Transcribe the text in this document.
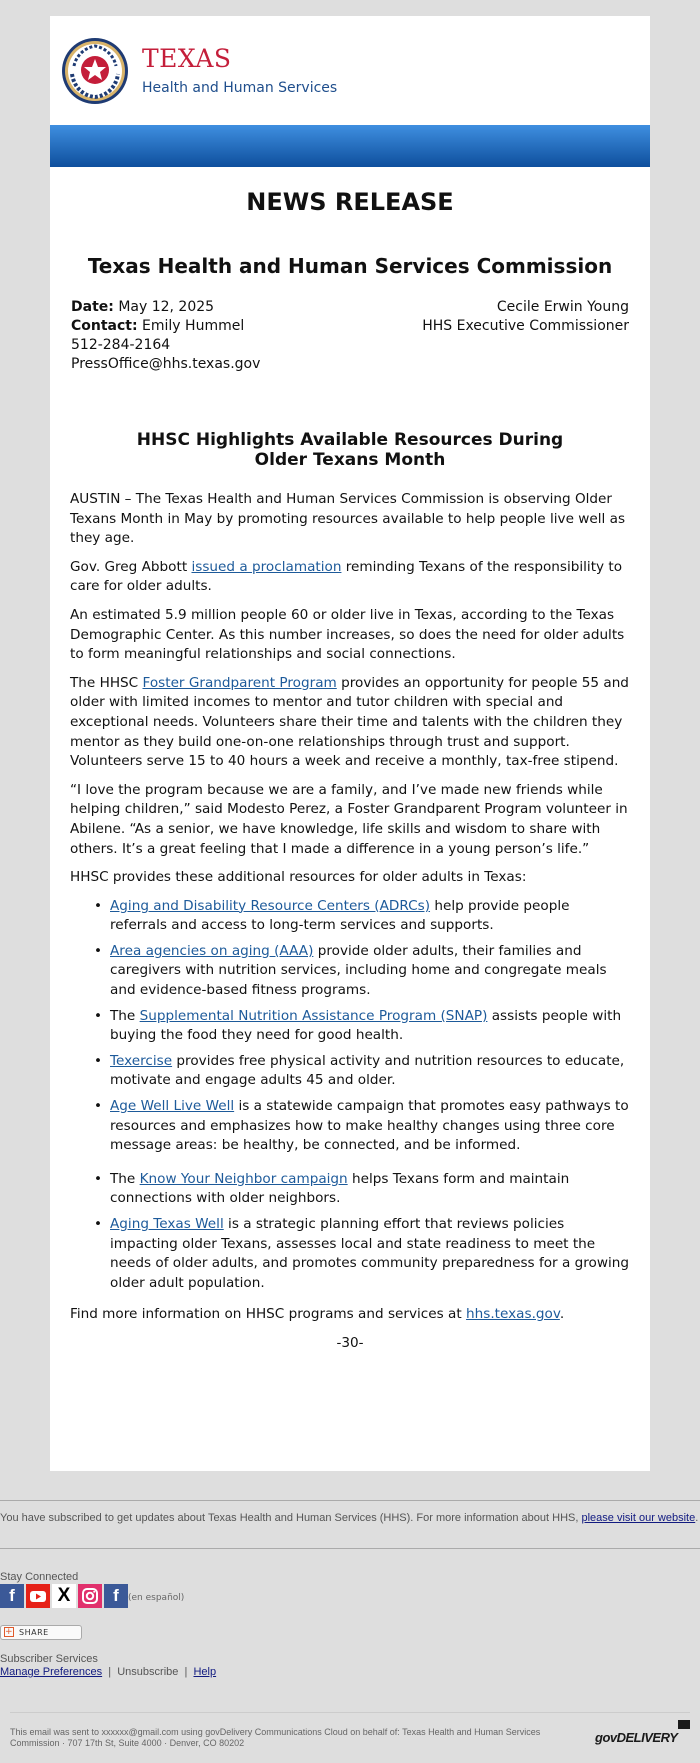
TEXAS
Health and Human Services
NEWS RELEASE
Texas Health and Human Services Commission
Date: May 12, 2025
Contact: Emily Hummel
512-284-2164
PressOffice@hhs.texas.gov
Cecile Erwin Young
HHS Executive Commissioner
HHSC Highlights Available Resources During Older Texans Month

AUSTIN – The Texas Health and Human Services Commission is observing Older Texans Month in May by promoting resources available to help people live well as they age.

Gov. Greg Abbott issued a proclamation reminding Texans of the responsibility to care for older adults.

An estimated 5.9 million people 60 or older live in Texas, according to the Texas Demographic Center. As this number increases, so does the need for older adults to form meaningful relationships and social connections.

The HHSC Foster Grandparent Program provides an opportunity for people 55 and older with limited incomes to mentor and tutor children with special and exceptional needs. Volunteers share their time and talents with the children they mentor as they build one-on-one relationships through trust and support. Volunteers serve 15 to 40 hours a week and receive a monthly, tax-free stipend.

“I love the program because we are a family, and I’ve made new friends while helping children,” said Modesto Perez, a Foster Grandparent Program volunteer in Abilene. “As a senior, we have knowledge, life skills and wisdom to share with others. It’s a great feeling that I made a difference in a young person’s life.”

HHSC provides these additional resources for older adults in Texas:

• Aging and Disability Resource Centers (ADRCs) help provide people referrals and access to long-term services and supports.
• Area agencies on aging (AAA) provide older adults, their families and caregivers with nutrition services, including home and congregate meals and evidence-based fitness programs.
• The Supplemental Nutrition Assistance Program (SNAP) assists people with buying the food they need for good health.
• Texercise provides free physical activity and nutrition resources to educate, motivate and engage adults 45 and older.
• Age Well Live Well is a statewide campaign that promotes easy pathways to resources and emphasizes how to make healthy changes using three core message areas: be healthy, be connected, and be informed.
• The Know Your Neighbor campaign helps Texans form and maintain connections with older neighbors.
• Aging Texas Well is a strategic planning effort that reviews policies impacting older Texans, assesses local and state readiness to meet the needs of older adults, and promotes community preparedness for a growing older adult population.

Find more information on HHSC programs and services at hhs.texas.gov.

-30-
You have subscribed to get updates about Texas Health and Human Services (HHS). For more information about HHS, please visit our website.
Stay Connected
f	X	f	(en español)
+ SHARE
Subscriber Services
Manage Preferences | Unsubscribe | Help
This email was sent to xxxxxx@gmail.com using govDelivery Communications Cloud on behalf of: Texas Health and Human Services Commission · 707 17th St, Suite 4000 · Denver, CO 80202	govDELIVERY
